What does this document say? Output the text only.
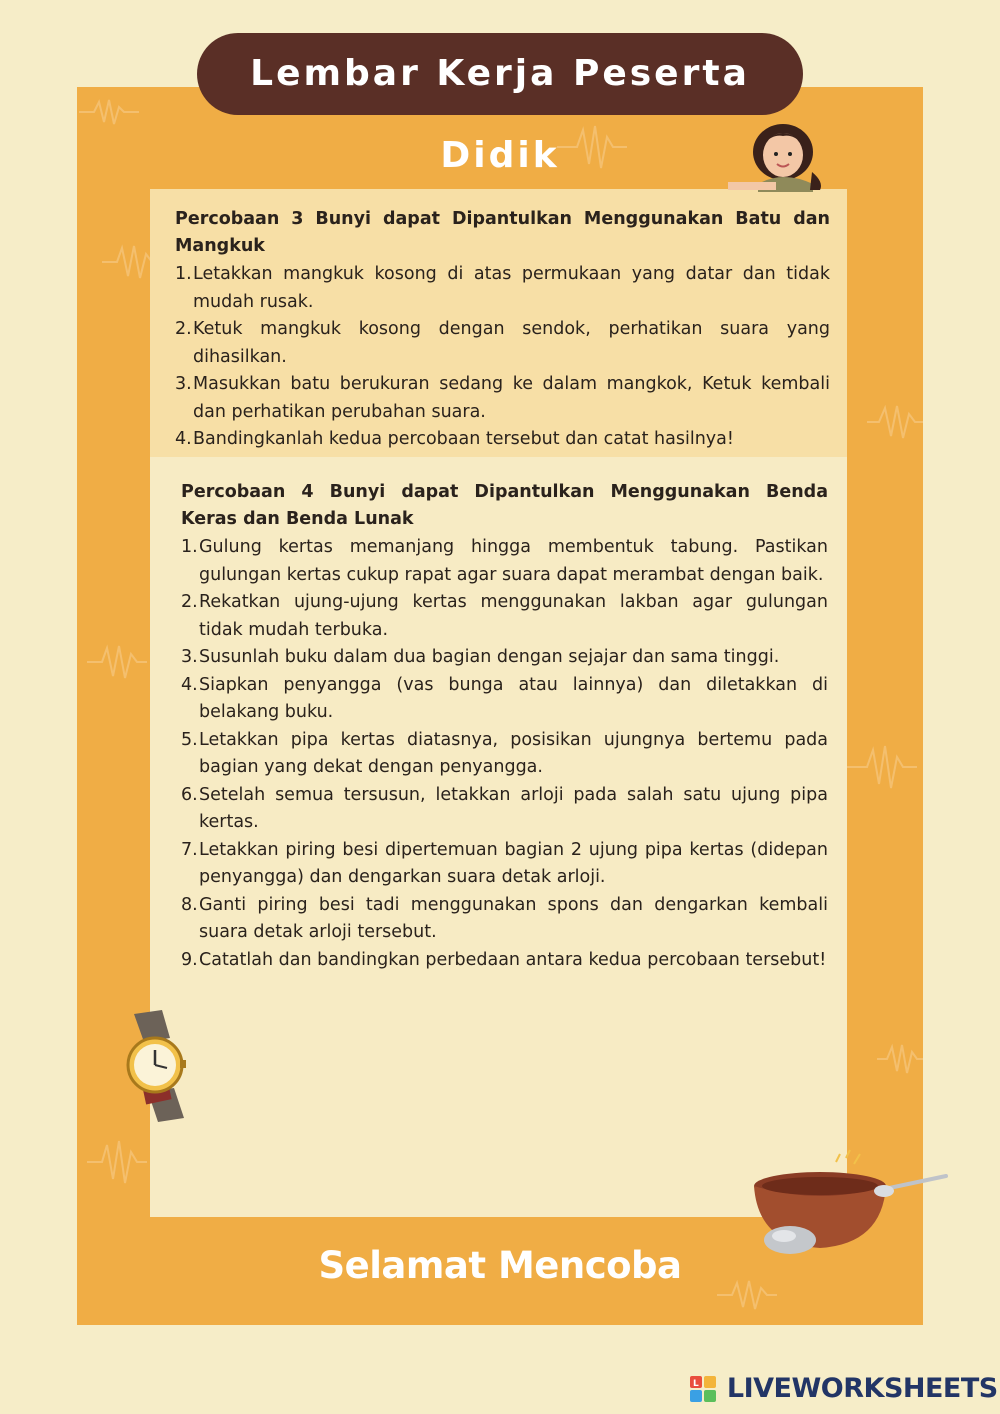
Lembar Kerja Peserta Didik
Percobaan 3 Bunyi dapat Dipantulkan Menggunakan Batu dan Mangkuk
1. Letakkan mangkuk kosong di atas permukaan yang datar dan tidak mudah rusak.
2. Ketuk mangkuk kosong dengan sendok, perhatikan suara yang dihasilkan.
3. Masukkan batu berukuran sedang ke dalam mangkok, Ketuk kembali dan perhatikan perubahan suara.
4. Bandingkanlah kedua percobaan tersebut dan catat hasilnya!
Percobaan 4 Bunyi dapat Dipantulkan Menggunakan Benda Keras dan Benda Lunak
1. Gulung kertas memanjang hingga membentuk tabung. Pastikan gulungan kertas cukup rapat agar suara dapat merambat dengan baik.
2. Rekatkan ujung-ujung kertas menggunakan lakban agar gulungan tidak mudah terbuka.
3. Susunlah buku dalam dua bagian dengan sejajar dan sama tinggi.
4. Siapkan penyangga (vas bunga atau lainnya) dan diletakkan di belakang buku.
5. Letakkan pipa kertas diatasnya, posisikan ujungnya bertemu pada bagian yang dekat dengan penyangga.
6. Setelah semua tersusun, letakkan arloji pada salah satu ujung pipa kertas.
7. Letakkan piring besi dipertemuan bagian 2 ujung pipa kertas (didepan penyangga) dan dengarkan suara detak arloji.
8. Ganti piring besi tadi menggunakan spons dan dengarkan kembali suara detak arloji tersebut.
9. Catatlah dan bandingkan perbedaan antara kedua percobaan tersebut!
Selamat Mencoba
L LIVEWORKSHEETS
